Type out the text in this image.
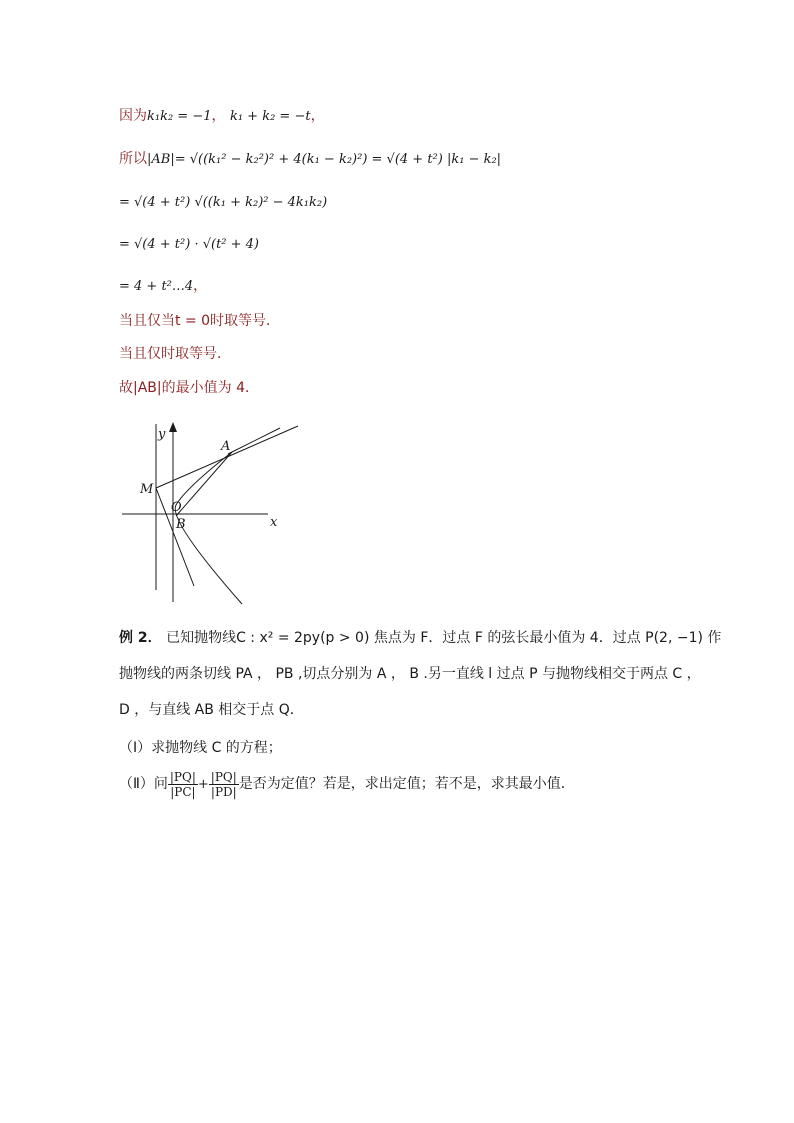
因为k₁k₂ = −1， k₁ + k₂ = −t，
所以|AB|= √((k₁² − k₂²)² + 4(k₁ − k₂)²) = √(4 + t²) |k₁ − k₂|
= √(4 + t²) √((k₁ + k₂)² − 4k₁k₂)
= √(4 + t²) · √(t² + 4)
= 4 + t²…4，
当且仅当t = 0时取等号．
当且仅时取等号．
故|AB|的最小值为 4．
y
A
M
O
B	x
例 2． 已知抛物线C : x² = 2py(p > 0) 焦点为 F．过点 F 的弦长最小值为 4．过点 P(2, −1) 作
抛物线的两条切线 PA ， PB ,切点分别为 A ， B .另一直线 l 过点 P 与抛物线相交于两点 C ，
D ，与直线 AB 相交于点 Q．
（Ⅰ）求抛物线 C 的方程；
（Ⅱ）问 $\frac{|PQ|}{|PC|} + \frac{|PQ|}{|PD|}$ 是否为定值？若是，求出定值；若不是，求其最小值．
